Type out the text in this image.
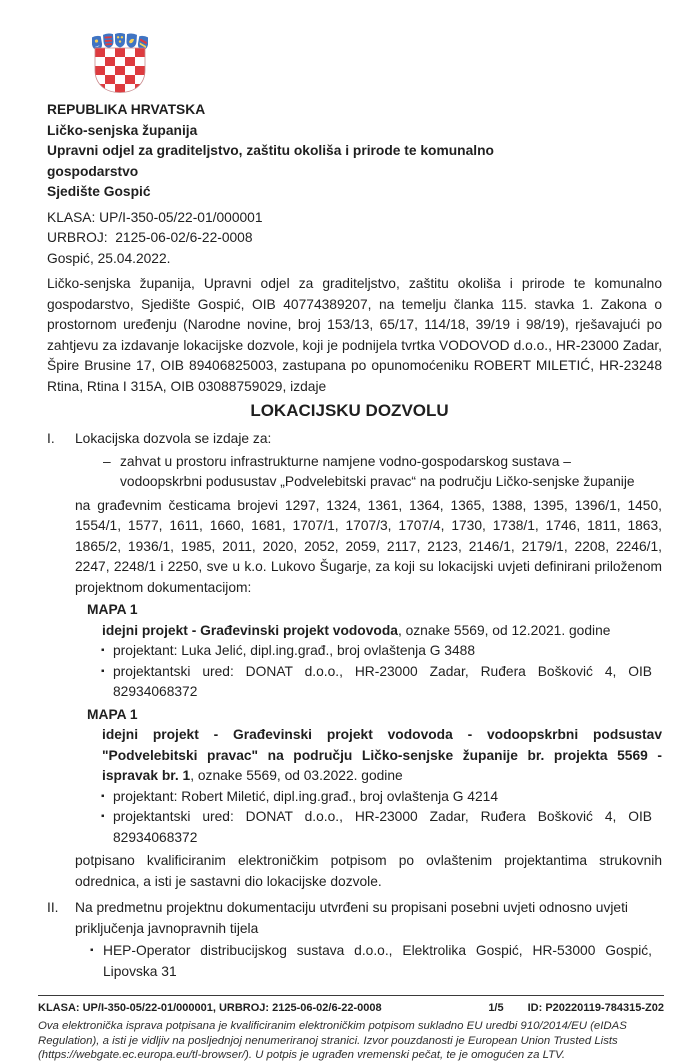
REPUBLIKA HRVATSKA
Ličko-senjska županija
Upravni odjel za graditeljstvo, zaštitu okoliša i prirode te komunalno gospodarstvo
Sjedište Gospić
KLASA: UP/I-350-05/22-01/000001
URBROJ:  2125-06-02/6-22-0008
Gospić, 25.04.2022.
Ličko-senjska županija, Upravni odjel za graditeljstvo, zaštitu okoliša i prirode te komunalno gospodarstvo, Sjedište Gospić, OIB 40774389207, na temelju članka 115. stavka 1. Zakona o prostornom uređenju (Narodne novine, broj 153/13, 65/17, 114/18, 39/19 i 98/19), rješavajući po zahtjevu za izdavanje lokacijske dozvole, koji je podnijela tvrtka VODOVOD d.o.o., HR-23000 Zadar, Špire Brusine 17, OIB 89406825003, zastupana po opunomoćeniku ROBERT MILETIĆ, HR-23248 Rtina, Rtina I 315A, OIB 03088759029, izdaje
LOKACIJSKU DOZVOLU
I.	Lokacijska dozvola se izdaje za:
– zahvat u prostoru infrastrukturne namjene vodno-gospodarskog sustava –
vodoopskrbni podusustav „Podvelebitski pravac“ na području Ličko-senjske županije
na građevnim česticama brojevi 1297, 1324, 1361, 1364, 1365, 1388, 1395, 1396/1, 1450, 1554/1, 1577, 1611, 1660, 1681, 1707/1, 1707/3, 1707/4, 1730, 1738/1, 1746, 1811, 1863, 1865/2, 1936/1, 1985, 2011, 2020, 2052, 2059, 2117, 2123, 2146/1, 2179/1, 2208, 2246/1, 2247, 2248/1 i 2250, sve u k.o. Lukovo Šugarje, za koji su lokacijski uvjeti definirani priloženom projektnom dokumentacijom:
MAPA 1
idejni projekt - Građevinski projekt vodovoda, oznake 5569, od 12.2021. godine
▪ projektant: Luka Jelić, dipl.ing.građ., broj ovlaštenja G 3488
▪ projektantski ured: DONAT d.o.o., HR-23000 Zadar, Ruđera Bošković 4, OIB 82934068372
MAPA 1
idejni projekt - Građevinski projekt vodovoda - vodoopskrbni podsustav "Podvelebitski pravac" na području Ličko-senjske županije br. projekta 5569 - ispravak br. 1, oznake 5569, od 03.2022. godine
▪ projektant: Robert Miletić, dipl.ing.građ., broj ovlaštenja G 4214
▪ projektantski ured: DONAT d.o.o., HR-23000 Zadar, Ruđera Bošković 4, OIB 82934068372
potpisano kvalificiranim elektroničkim potpisom po ovlaštenim projektantima strukovnih odrednica, a isti je sastavni dio lokacijske dozvole.
II.	Na predmetnu projektnu dokumentaciju utvrđeni su propisani posebni uvjeti odnosno uvjeti priključenja javnopravnih tijela
▪ HEP-Operator distribucijskog sustava d.o.o., Elektrolika Gospić, HR-53000 Gospić, Lipovska 31
KLASA: UP/I-350-05/22-01/000001, URBROJ: 2125-06-02/6-22-0008	1/5 ID: P20220119-784315-Z02
Ova elektronička isprava potpisana je kvalificiranim elektroničkim potpisom sukladno EU uredbi 910/2014/EU (eIDAS Regulation), a isti je vidljiv na posljednjoj nenumeriranoj stranici. Izvor pouzdanosti je European Union Trusted Lists (https://webgate.ec.europa.eu/tl-browser/). U potpis je ugrađen vremenski pečat, te je omogućen za LTV.
